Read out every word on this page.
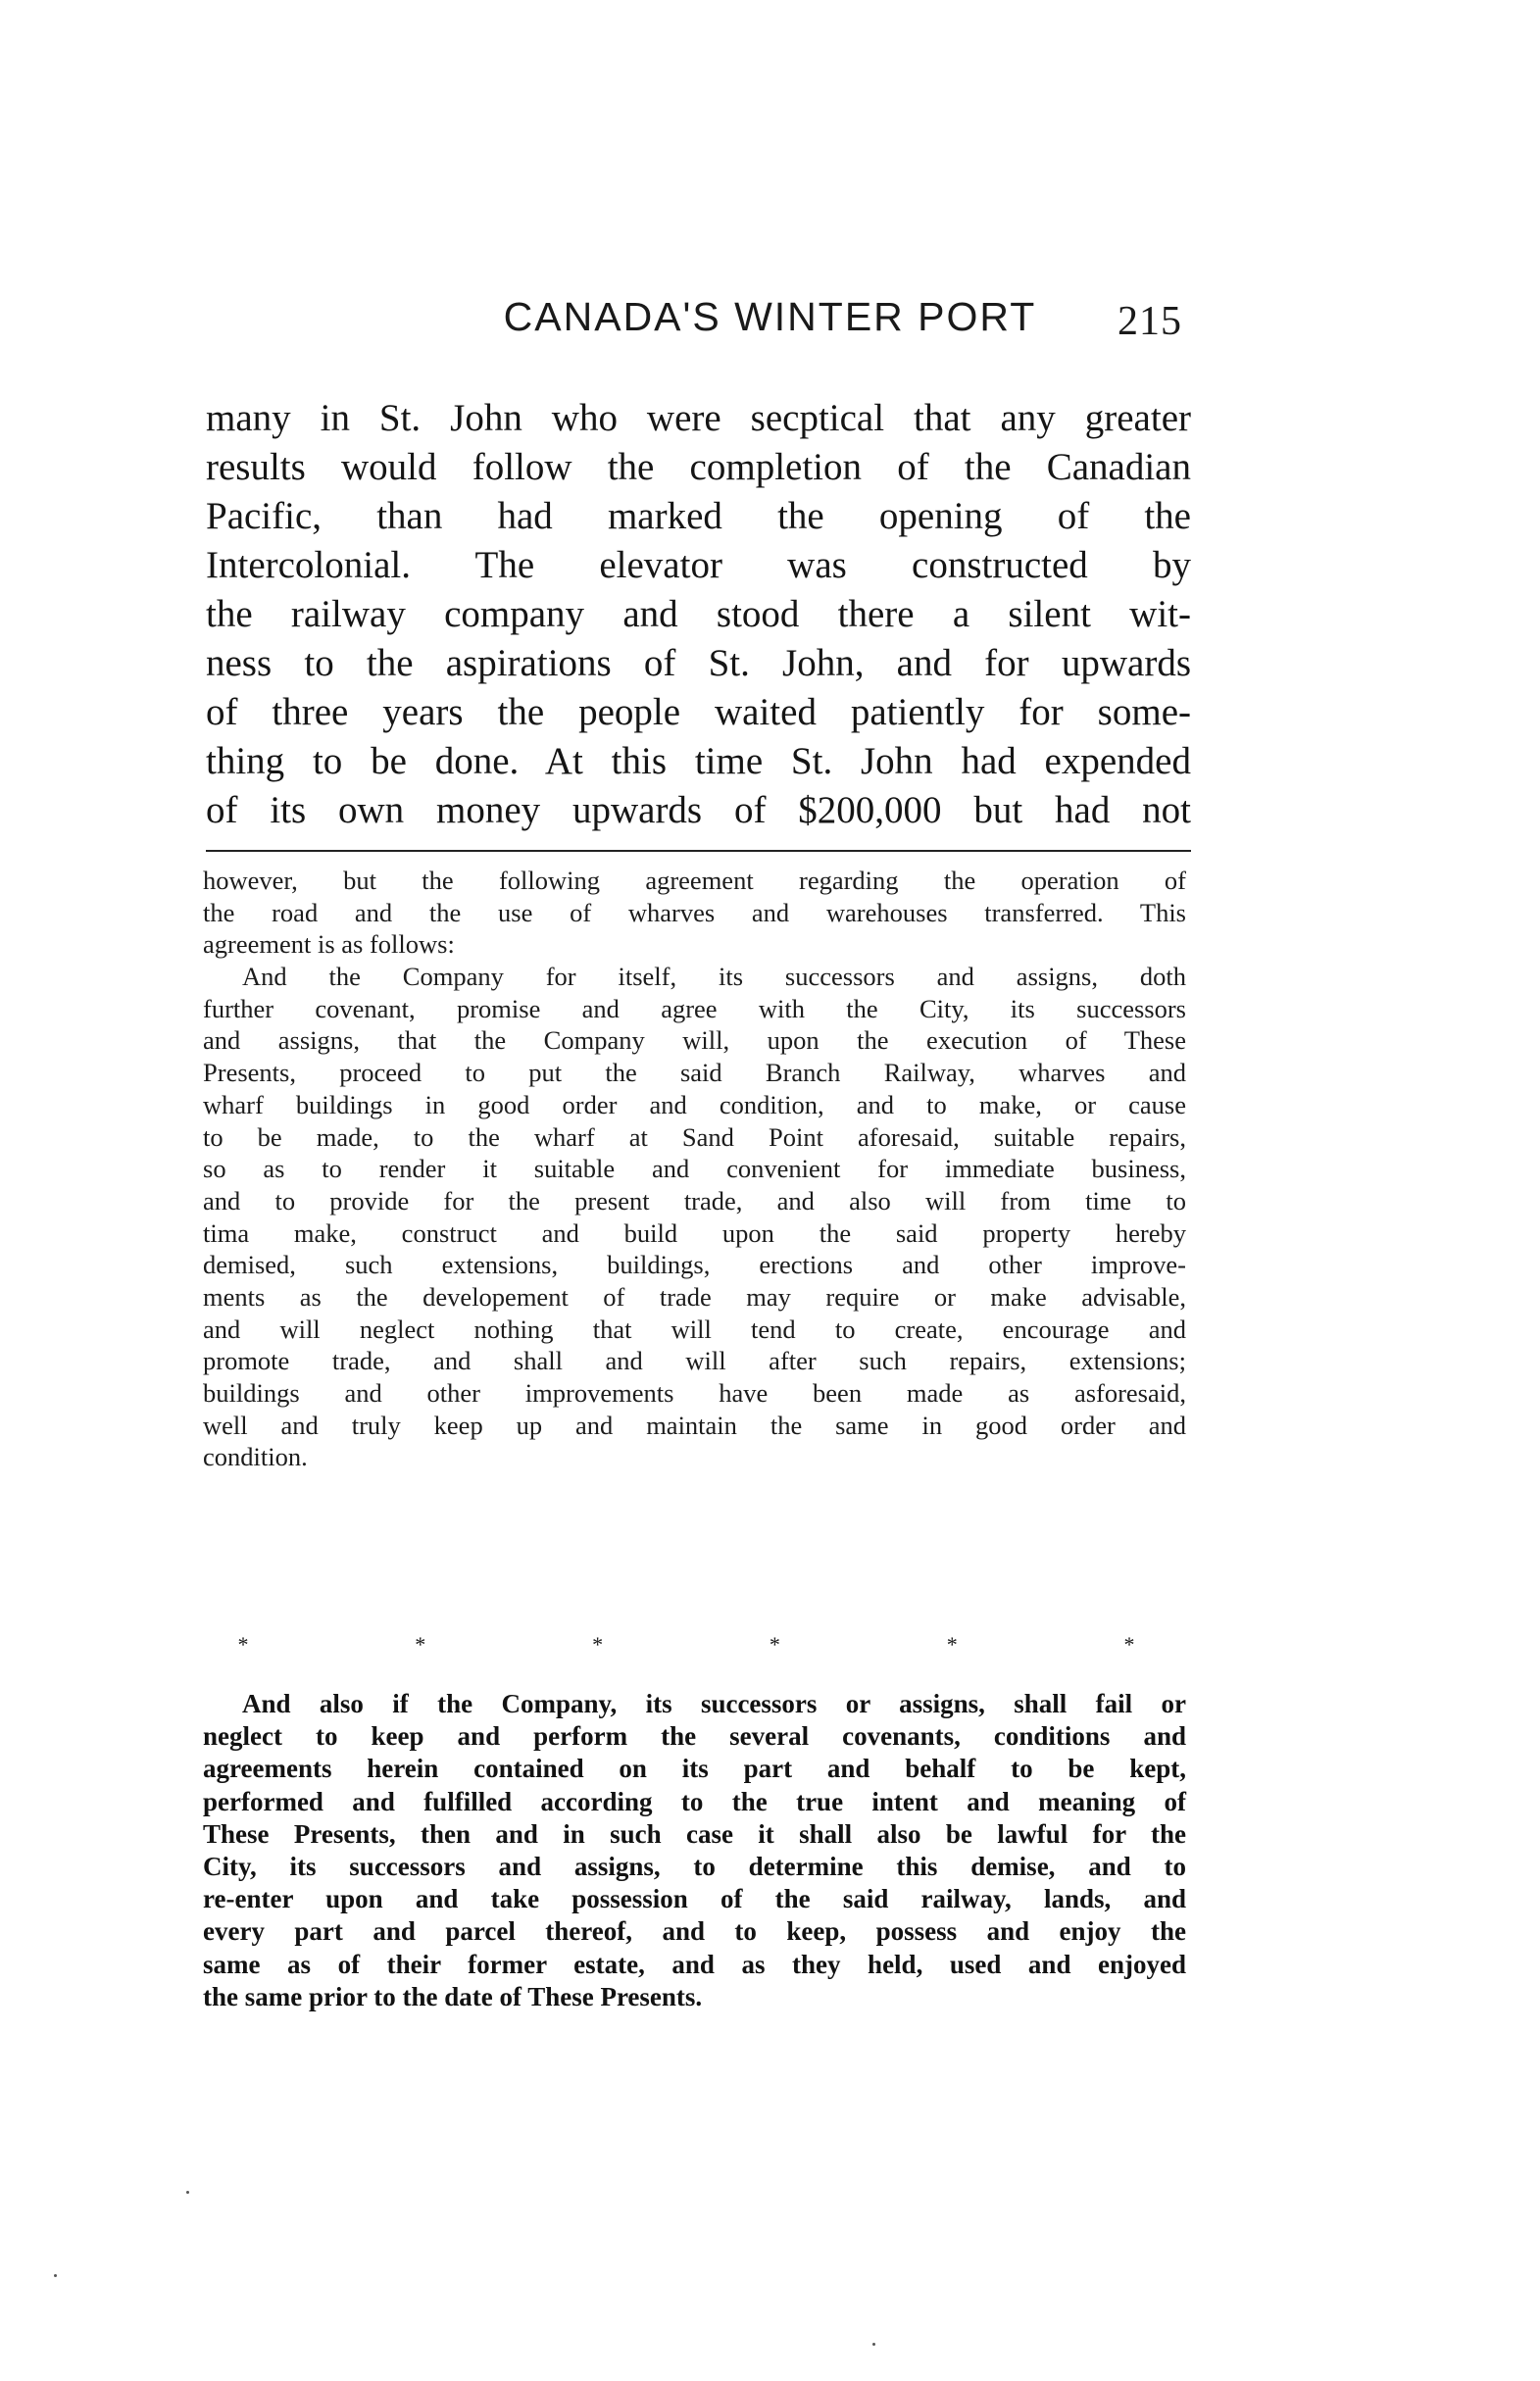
CANADA'S WINTER PORT	215
many in St. John who were secptical that any greater
results would follow the completion of the Canadian
Pacific, than had marked the opening of the
Intercolonial. The elevator was constructed by
the railway company and stood there a silent wit-
ness to the aspirations of St. John, and for upwards
of three years the people waited patiently for some-
thing to be done. At this time St. John had expended
of its own money upwards of $200,000 but had not
however, but the following agreement regarding the operation of
the road and the use of wharves and warehouses transferred. This
agreement is as follows:
And the Company for itself, its successors and assigns, doth
further covenant, promise and agree with the City, its successors
and assigns, that the Company will, upon the execution of These
Presents, proceed to put the said Branch Railway, wharves and
wharf buildings in good order and condition, and to make, or cause
to be made, to the wharf at Sand Point aforesaid, suitable repairs,
so as to render it suitable and convenient for immediate business,
and to provide for the present trade, and also will from time to
tima make, construct and build upon the said property hereby
demised, such extensions, buildings, erections and other improve-
ments as the developement of trade may require or make advisable,
and will neglect nothing that will tend to create, encourage and
promote trade, and shall and will after such repairs, extensions;
buildings and other improvements have been made as asforesaid,
well and truly keep up and maintain the same in good order and
condition.
*	*	*	*	*	*
And also if the Company, its successors or assigns, shall fail or
neglect to keep and perform the several covenants, conditions and
agreements herein contained on its part and behalf to be kept,
performed and fulfilled according to the true intent and meaning of
These Presents, then and in such case it shall also be lawful for the
City, its successors and assigns, to determine this demise, and to
re-enter upon and take possession of the said railway, lands, and
every part and parcel thereof, and to keep, possess and enjoy the
same as of their former estate, and as they held, used and enjoyed
the same prior to the date of These Presents.
